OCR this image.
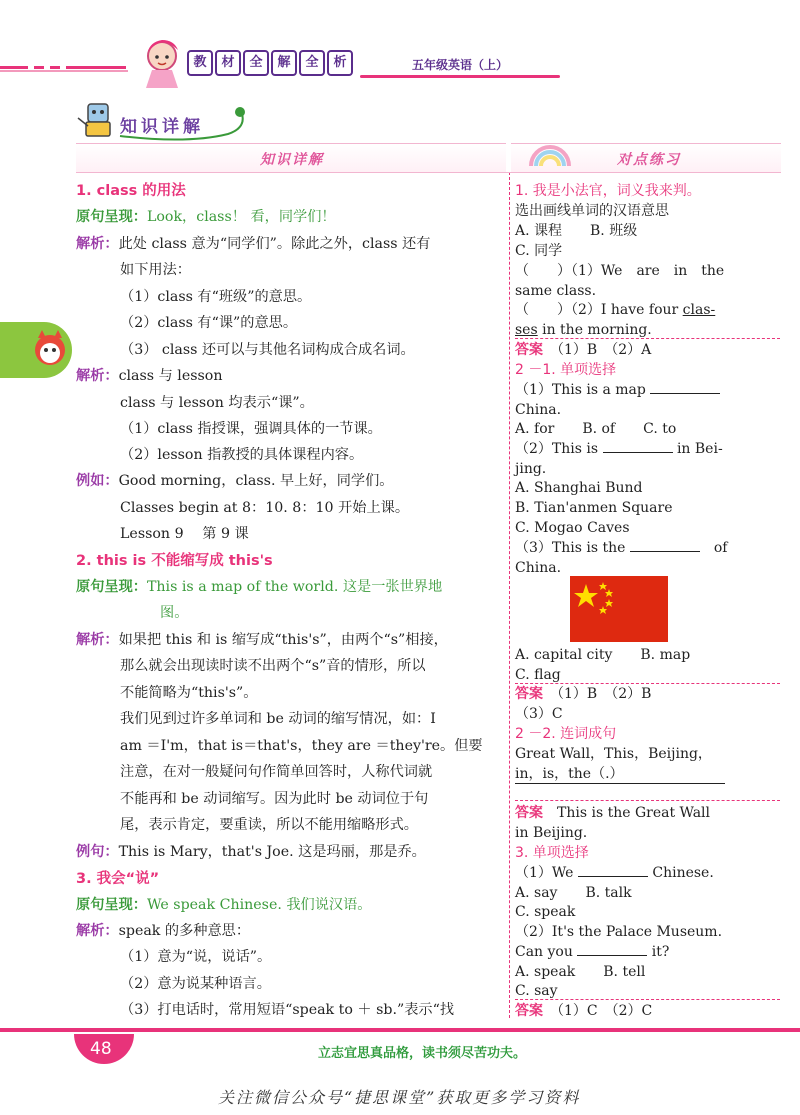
教	材	全	解	全	析	五年级英语（上）
知识详解
知识详解	对点练习
1. class 的用法
原句呈现：Look，class！ 看，同学们！
解析：此处 class 意为“同学们”。除此之外，class 还有
如下用法：
（1）class 有“班级”的意思。
（2）class 有“课”的意思。
（3） class 还可以与其他名词构成合成名词。
解析：class 与 lesson
class 与 lesson 均表示“课”。
（1）class 指授课，强调具体的一节课。
（2）lesson 指教授的具体课程内容。
例如：Good morning，class. 早上好，同学们。
Classes begin at 8：10. 8：10 开始上课。
Lesson 9　 第 9 课
2. this is 不能缩写成 this's
原句呈现：This is a map of the world. 这是一张世界地
图。
解析：如果把 this 和 is 缩写成“this's”，由两个“s”相接，
那么就会出现读时读不出两个“s”音的情形，所以
不能简略为“this's”。
我们见到过许多单词和 be 动词的缩写情况，如：I
am ＝I'm，that is＝that's，they are ＝they're。但要
注意，在对一般疑问句作简单回答时，人称代词就
不能再和 be 动词缩写。因为此时 be 动词位于句
尾，表示肯定，要重读，所以不能用缩略形式。
例句：This is Mary，that's Joe. 这是玛丽，那是乔。
3. 我会“说”
原句呈现：We speak Chinese. 我们说汉语。
解析：speak 的多种意思：
（1）意为“说，说话”。
（2）意为说某种语言。
（3）打电话时，常用短语“speak to ＋ sb.”表示“找
1. 我是小法官，词义我来判。
选出画线单词的汉语意思
A. 课程　　B. 班级
C. 同学
（　　）（1）We　are　in　the
same class.
（　　）（2）I have four clas-
ses in the morning.
答案　 （1）B　（2）A
2 －1. 单项选择
（1）This is a map
China.
A. for　　B. of　　C. to
（2）This is	in Bei-
jing.
A. Shanghai Bund
B. Tian'anmen Square
C. Mogao Caves
（3）This is the 　	of
China.
A. capital city　　B. map
C. flag
答案　 （1）B　（2）B
（3）C
2 －2. 连词成句
Great Wall，This，Beijing，
in，is，the（.）
答案　 This is the Great Wall
in Beijing.
3. 单项选择
（1）We	Chinese.
A. say　　B. talk
C. speak
（2）It's the Palace Museum.
Can you	it?
A. speak　　B. tell
C. say
答案　 （1）C　（2）C
48	立志宜思真品格，读书须尽苦功夫。
关注微信公众号“捷思课堂”获取更多学习资料
